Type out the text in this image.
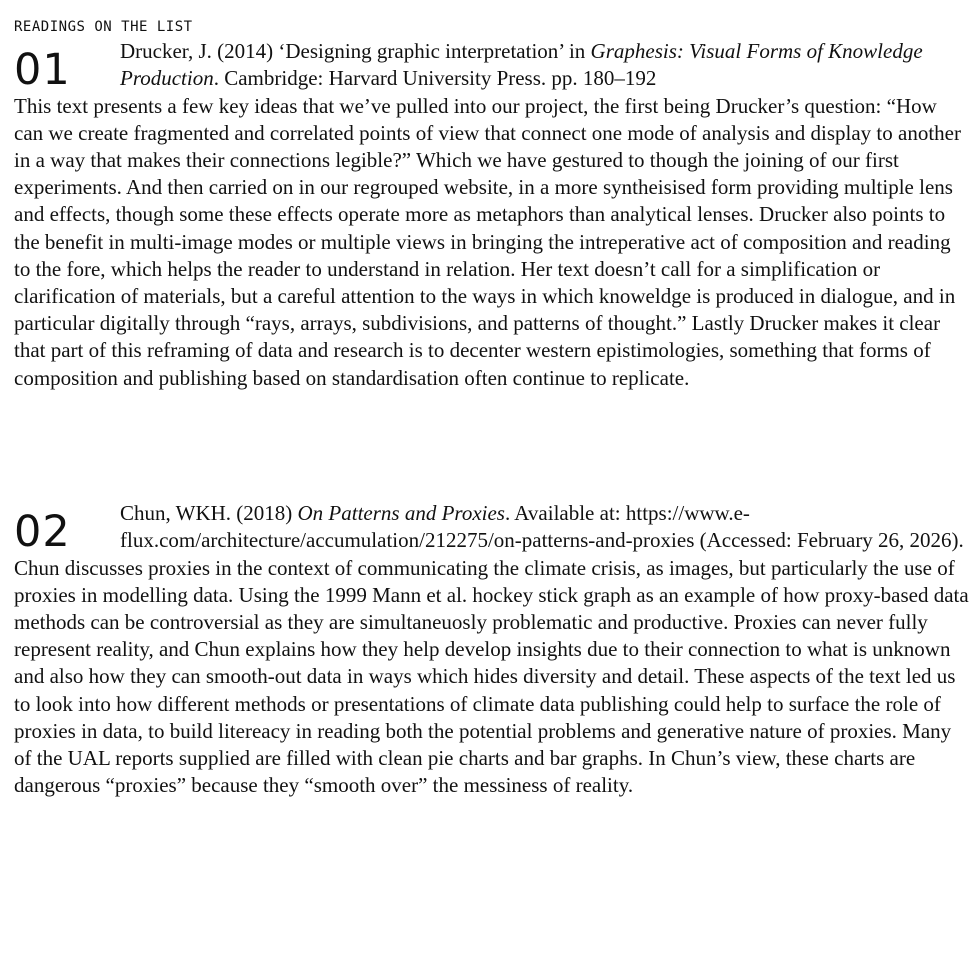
READINGS ON THE LIST
01 Drucker, J. (2014) ‘Designing graphic interpretation’ in Graphesis: Visual Forms of Knowledge Production. Cambridge: Harvard University Press. pp. 180–192

This text presents a few key ideas that we’ve pulled into our project, the first being Drucker’s question: “How can we create fragmented and correlated points of view that connect one mode of analysis and display to another in a way that makes their connections legible?” Which we have gestured to though the joining of our first experiments. And then carried on in our regrouped website, in a more syntheisised form providing multiple lens and effects, though some these effects operate more as metaphors than analytical lenses. Drucker also points to the benefit in multi-image modes or multiple views in bringing the intreperative act of composition and reading to the fore, which helps the reader to understand in relation. Her text doesn’t call for a simplification or clarification of materials, but a careful attention to the ways in which knoweldge is produced in dialogue, and in particular digitally through “rays, arrays, subdivisions, and patterns of thought.” Lastly Drucker makes it clear that part of this reframing of data and research is to decenter western epistimologies, something that forms of composition and publishing based on standardisation often continue to replicate.

02 Chun, WKH. (2018) On Patterns and Proxies. Available at: https://www.e-flux.com/architecture/accumulation/212275/on-patterns-and-proxies (Accessed: February 26, 2026).

Chun discusses proxies in the context of communicating the climate crisis, as images, but particularly the use of proxies in modelling data. Using the 1999 Mann et al. hockey stick graph as an example of how proxy-based data methods can be controversial as they are simultaneuosly problematic and productive. Proxies can never fully represent reality, and Chun explains how they help develop insights due to their connection to what is unknown and also how they can smooth-out data in ways which hides diversity and detail. These aspects of the text led us to look into how different methods or presentations of climate data publishing could help to surface the role of proxies in data, to build litereacy in reading both the potential problems and generative nature of proxies. Many of the UAL reports supplied are filled with clean pie charts and bar graphs. In Chun’s view, these charts are dangerous “proxies” because they “smooth over” the messiness of reality.
